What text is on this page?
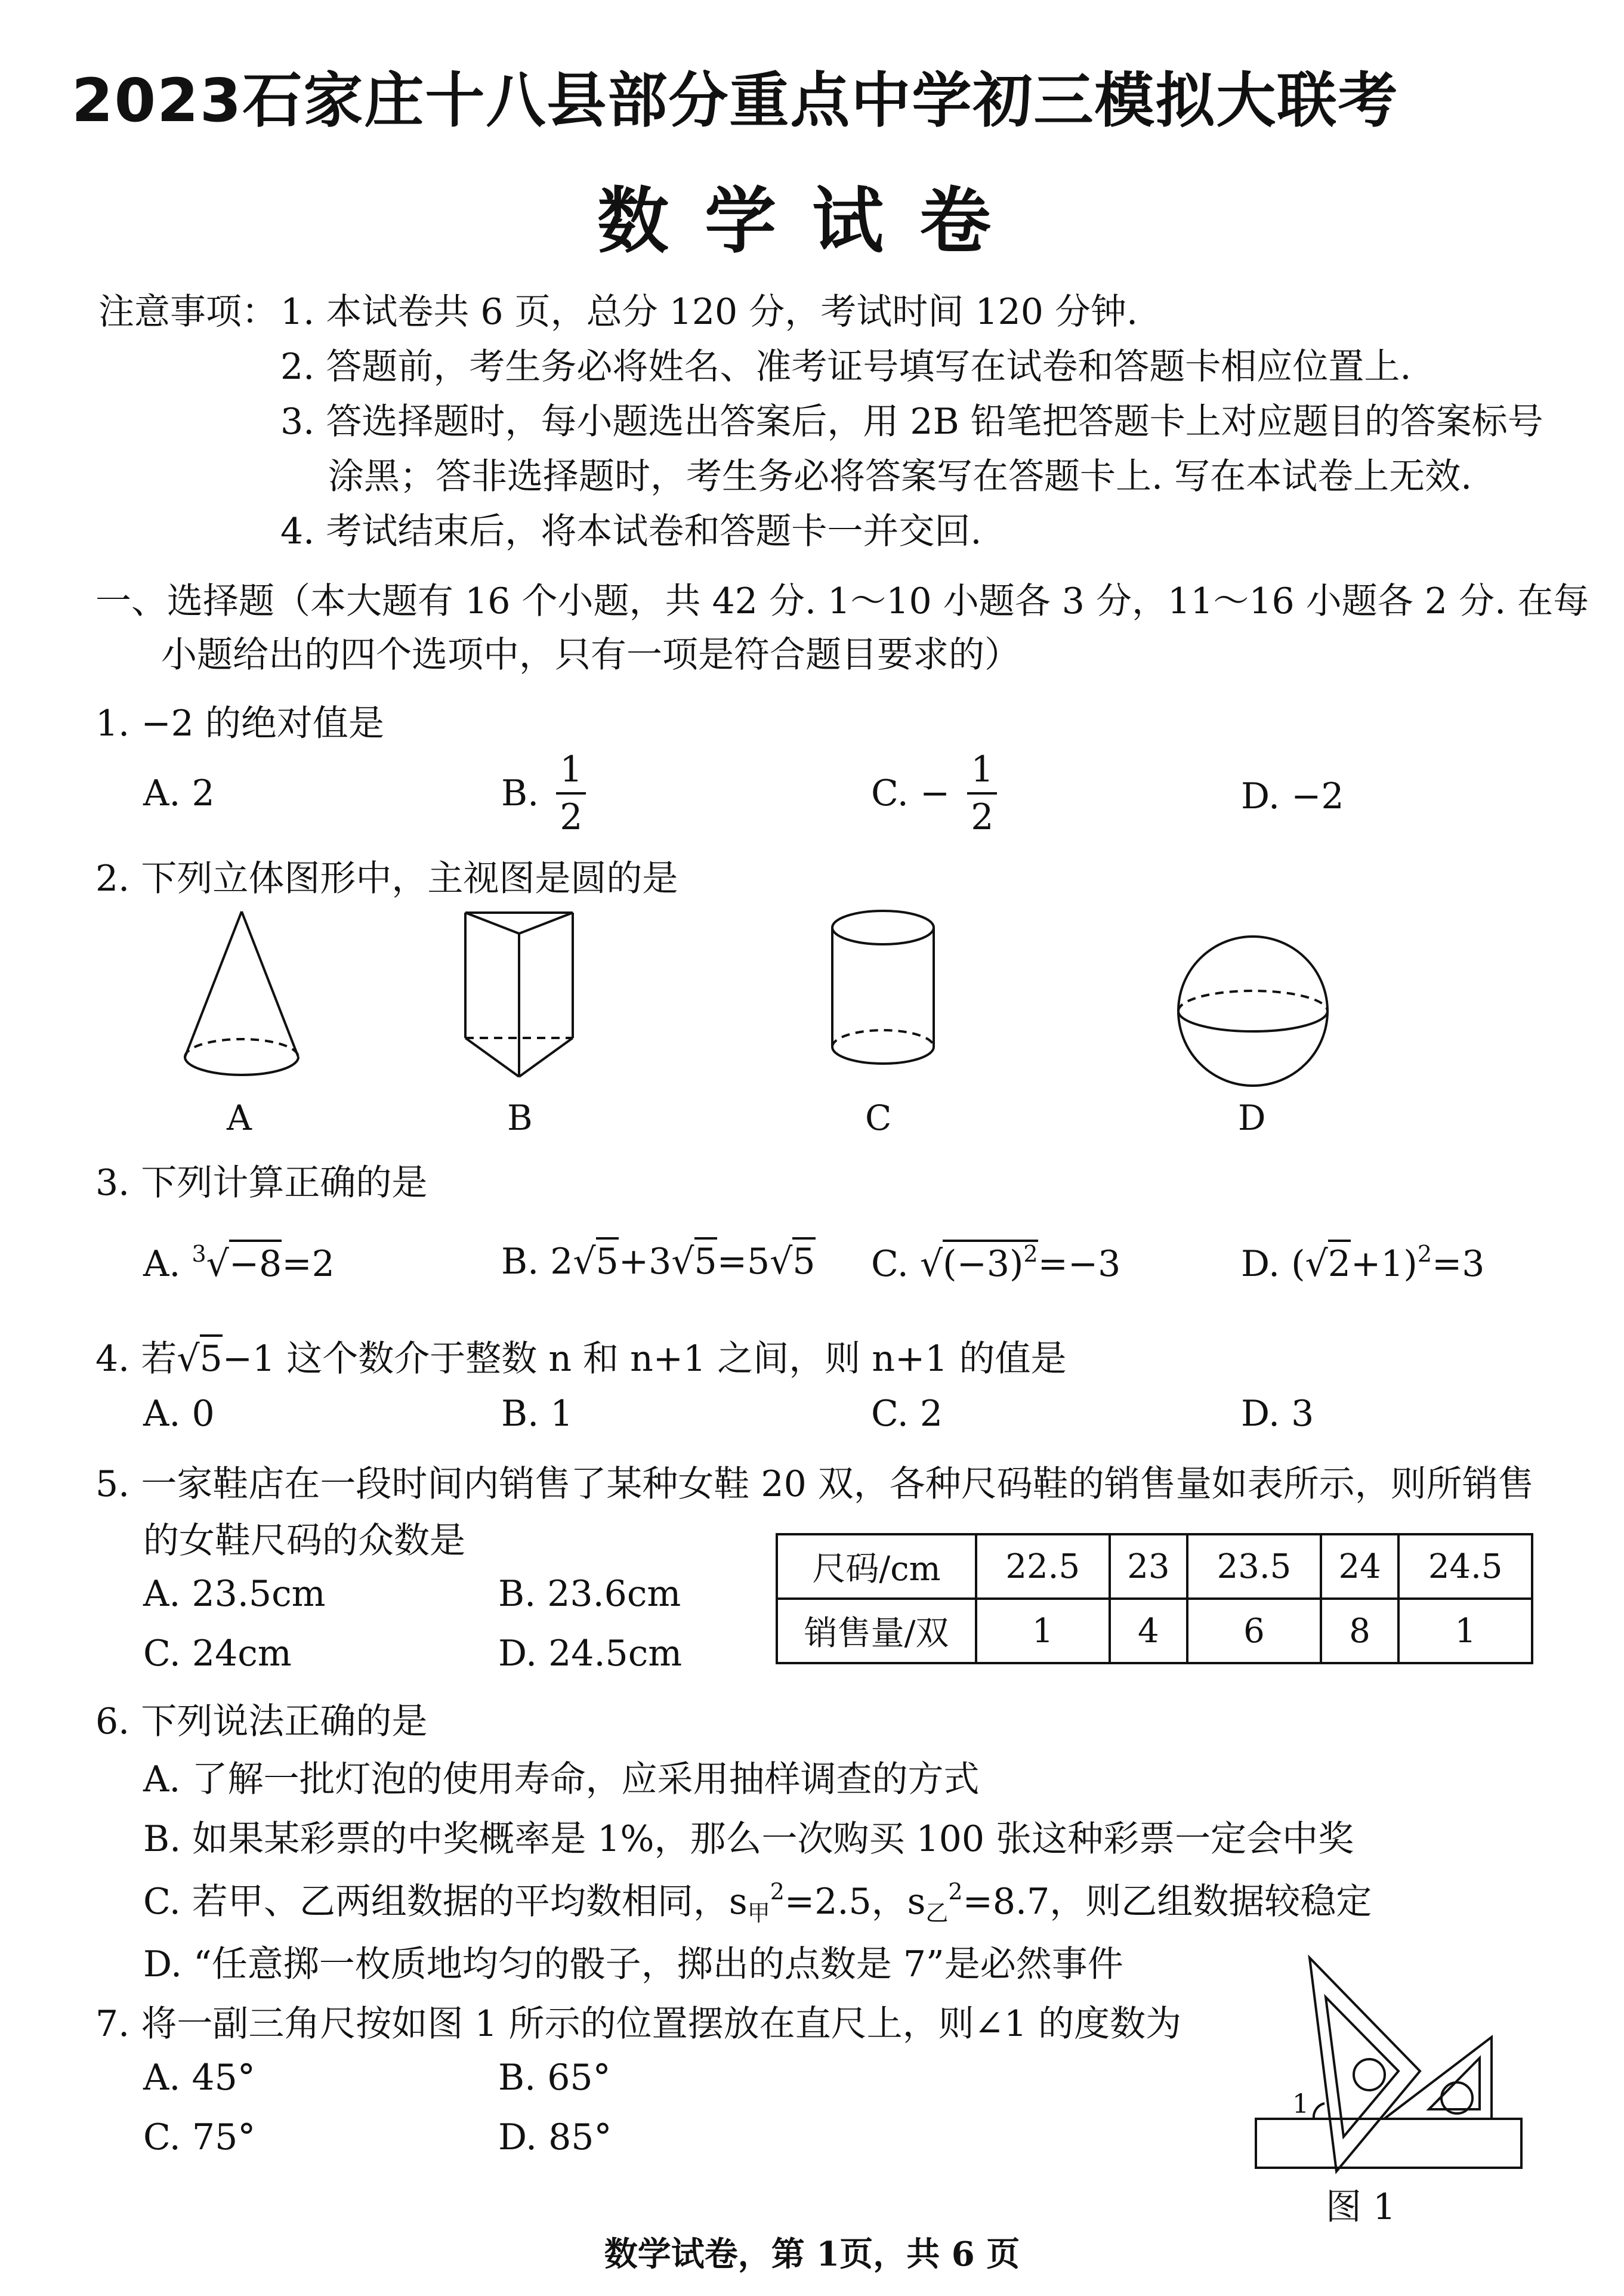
2023石家庄十八县部分重点中学初三模拟大联考
数学试卷
注意事项： 1. 本试卷共 6 页，总分 120 分，考试时间 120 分钟.
2. 答题前，考生务必将姓名、准考证号填写在试卷和答题卡相应位置上.
3. 答选择题时，每小题选出答案后，用 2B 铅笔把答题卡上对应题目的答案标号
涂黑；答非选择题时，考生务必将答案写在答题卡上. 写在本试卷上无效.
4. 考试结束后，将本试卷和答题卡一并交回.
一、选择题（本大题有 16 个小题，共 42 分. 1～10 小题各 3 分，11～16 小题各 2 分. 在每
小题给出的四个选项中，只有一项是符合题目要求的）
1. −2 的绝对值是
A. 2	B. $\frac{1}{2}$	C. − $\frac{1}{2}$	D. −2
2. 下列立体图形中，主视图是圆的是
A	B	C	D
3. 下列计算正确的是
A. $^3$√−8=2	B. 2√5+3√5=5√5 C. $√(-3)^2=-3$	D. $(√2+1)^2=3$
4. 若√5−1 这个数介于整数 n 和 n+1 之间，则 n+1 的值是
A. 0	B. 1	C. 2	D. 3
5. 一家鞋店在一段时间内销售了某种女鞋 20 双，各种尺码鞋的销售量如表所示，则所销售
的女鞋尺码的众数是
A. 23.5cm	B. 23.6cm
C. 24cm	D. 24.5cm
尺码/cm	22.5	23	23.5	24	24.5
销售量/双	1	4	6	8	1
6. 下列说法正确的是
A. 了解一批灯泡的使用寿命，应采用抽样调查的方式
B. 如果某彩票的中奖概率是 1%，那么一次购买 100 张这种彩票一定会中奖
C. 若甲、乙两组数据的平均数相同，$s_甲^2=2.5$，$s_乙^2=8.7$，则乙组数据较稳定
D. “任意掷一枚质地均匀的骰子，掷出的点数是 7”是必然事件
7. 将一副三角尺按如图 1 所示的位置摆放在直尺上，则∠1 的度数为
A. 45°	B. 65°
C. 75°	D. 85°
1
图 1
数学试卷，第 1页，共 6 页
